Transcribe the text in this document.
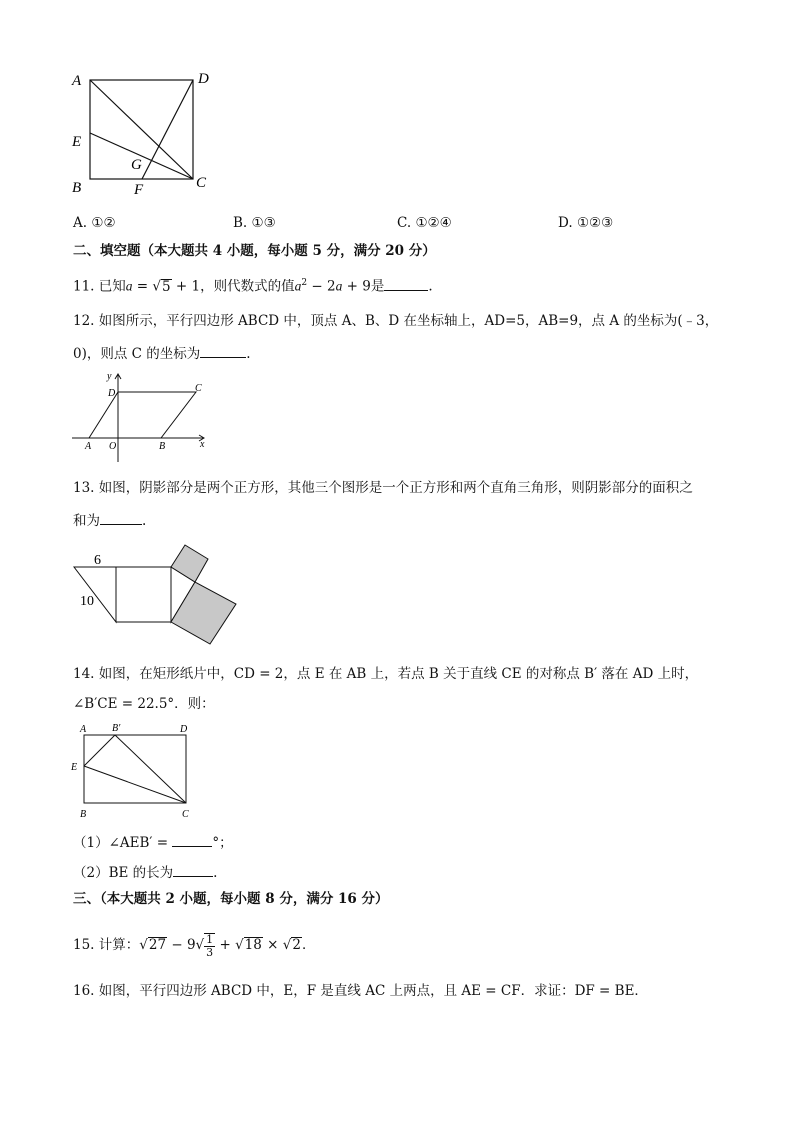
A	D
E
G
B	F	C
A. ①②	B. ①③	C. ①②④	D. ①②③
二、填空题（本大题共 4 小题，每小题 5 分，满分 20 分）
11. 已知a = √5 + 1，则代数式的值$a^2 - 2a + 9$是	.
12. 如图所示，平行四边形 ABCD 中，顶点 A、B、D 在坐标轴上，AD=5，AB=9，点 A 的坐标为(﹣3，
0)，则点 C 的坐标为	.
y
x
D	C
A O	B
13. 如图，阴影部分是两个正方形，其他三个图形是一个正方形和两个直角三角形，则阴影部分的面积之
和为	.
6
10
14. 如图，在矩形纸片中，CD = 2，点 E 在 AB 上，若点 B 关于直线 CE 的对称点 B′ 落在 AD 上时，
∠B′CE = 22.5°．则：
A	B′	D
E
B	C
（1）∠AEB′ =	°；
（2）BE 的长为	.
三、（本大题共 2 小题，每小题 8 分，满分 16 分）
15. 计算：$√27 - 9√ \frac{1}{3} + √18 \times √2$．
16. 如图，平行四边形 ABCD 中，E，F 是直线 AC 上两点，且 AE = CF．求证：DF = BE．
